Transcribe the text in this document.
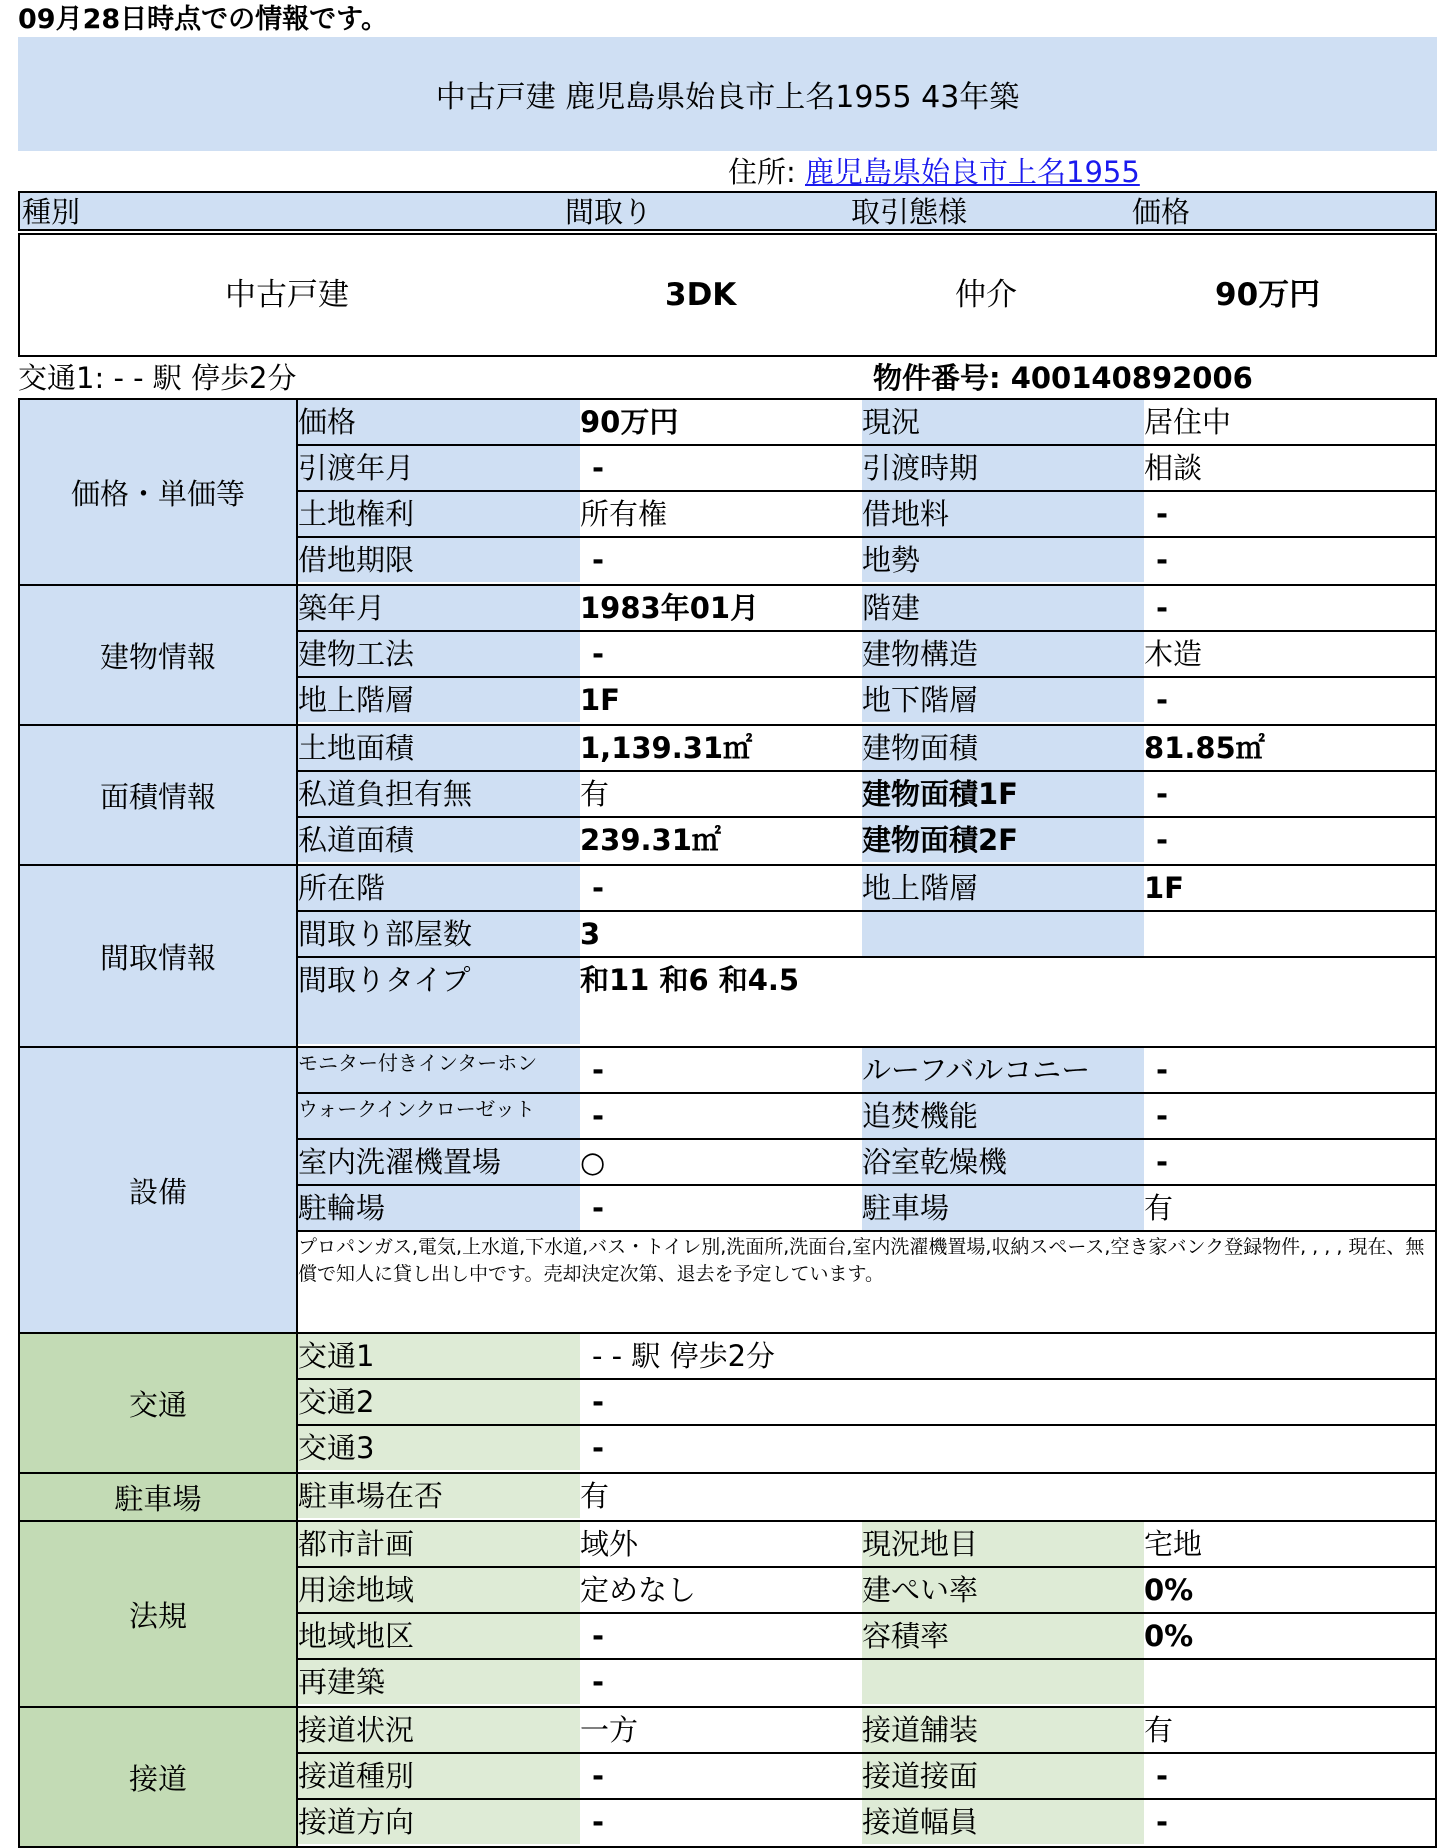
09月28日時点での情報です。
中古戸建 鹿児島県始良市上名1955 43年築
住所: 鹿児島県始良市上名1955
種別	間取り	取引態様	価格
中古戸建	3DK	仲介	90万円
交通1: - - 駅 停歩2分	物件番号: 400140892006
価格・単価等
価格	90万円	現況	居住中
引渡年月	-	引渡時期	相談
土地権利	所有権	借地料	-
借地期限	-	地勢	-
建物情報
築年月	1983年01月	階建	-
建物工法	-	建物構造	木造
地上階層	1F	地下階層	-
面積情報
土地面積	1,139.31㎡	建物面積	81.85㎡
私道負担有無	有	建物面積1F	-
私道面積	239.31㎡	建物面積2F	-
間取情報
所在階	-	地上階層	1F
間取り部屋数	3
間取りタイプ	和11 和6 和4.5
設備
モニター付きインターホン	-	ルーフバルコニー	-
ウォークインクローゼット	-	追焚機能	-
室内洗濯機置場	○	浴室乾燥機	-
駐輪場	-	駐車場	有
プロパンガス,電気,上水道,下水道,バス・トイレ別,洗面所,洗面台,室内洗濯機置場,収納スペース,空き家バンク登録物件, , , , 現在、無償で知人に貸し出し中です。売却決定次第、退去を予定しています。
交通
交通1	- - 駅 停歩2分
交通2	-
交通3	-
駐車場	駐車場在否	有
法規
都市計画	域外	現況地目	宅地
用途地域	定めなし	建ぺい率	0%
地域地区	-	容積率	0%
再建築	-
接道
接道状況	一方	接道舗装	有
接道種別	-	接道接面	-
接道方向	-	接道幅員	-
